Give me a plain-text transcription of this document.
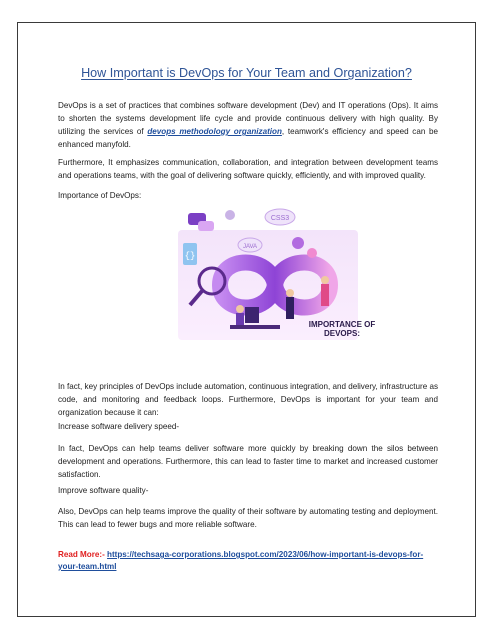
How Important is DevOps for Your Team and Organization?

DevOps is a set of practices that combines software development (Dev) and IT operations (Ops). It aims to shorten the systems development life cycle and provide continuous delivery with high quality. By utilizing the services of devops methodology organization, teamwork's efficiency and speed can be enhanced manyfold.

Furthermore, It emphasizes communication, collaboration, and integration between development teams and operations teams, with the goal of delivering software quickly, efficiently, and with improved quality.

Importance of DevOps:

CSS3
JAVA
{}
IMPORTANCE OF
DEVOPS:

In fact, key principles of DevOps include automation, continuous integration, and delivery, infrastructure as code, and monitoring and feedback loops. Furthermore, DevOps is important for your team and organization because it can:

Increase software delivery speed-

In fact, DevOps can help teams deliver software more quickly by breaking down the silos between development and operations. Furthermore, this can lead to faster time to market and increased customer satisfaction.

Improve software quality-

Also, DevOps can help teams improve the quality of their software by automating testing and deployment. This can lead to fewer bugs and more reliable software.

Read More:- https://techsaga-corporations.blogspot.com/2023/06/how-important-is-devops-for-your-team.html
